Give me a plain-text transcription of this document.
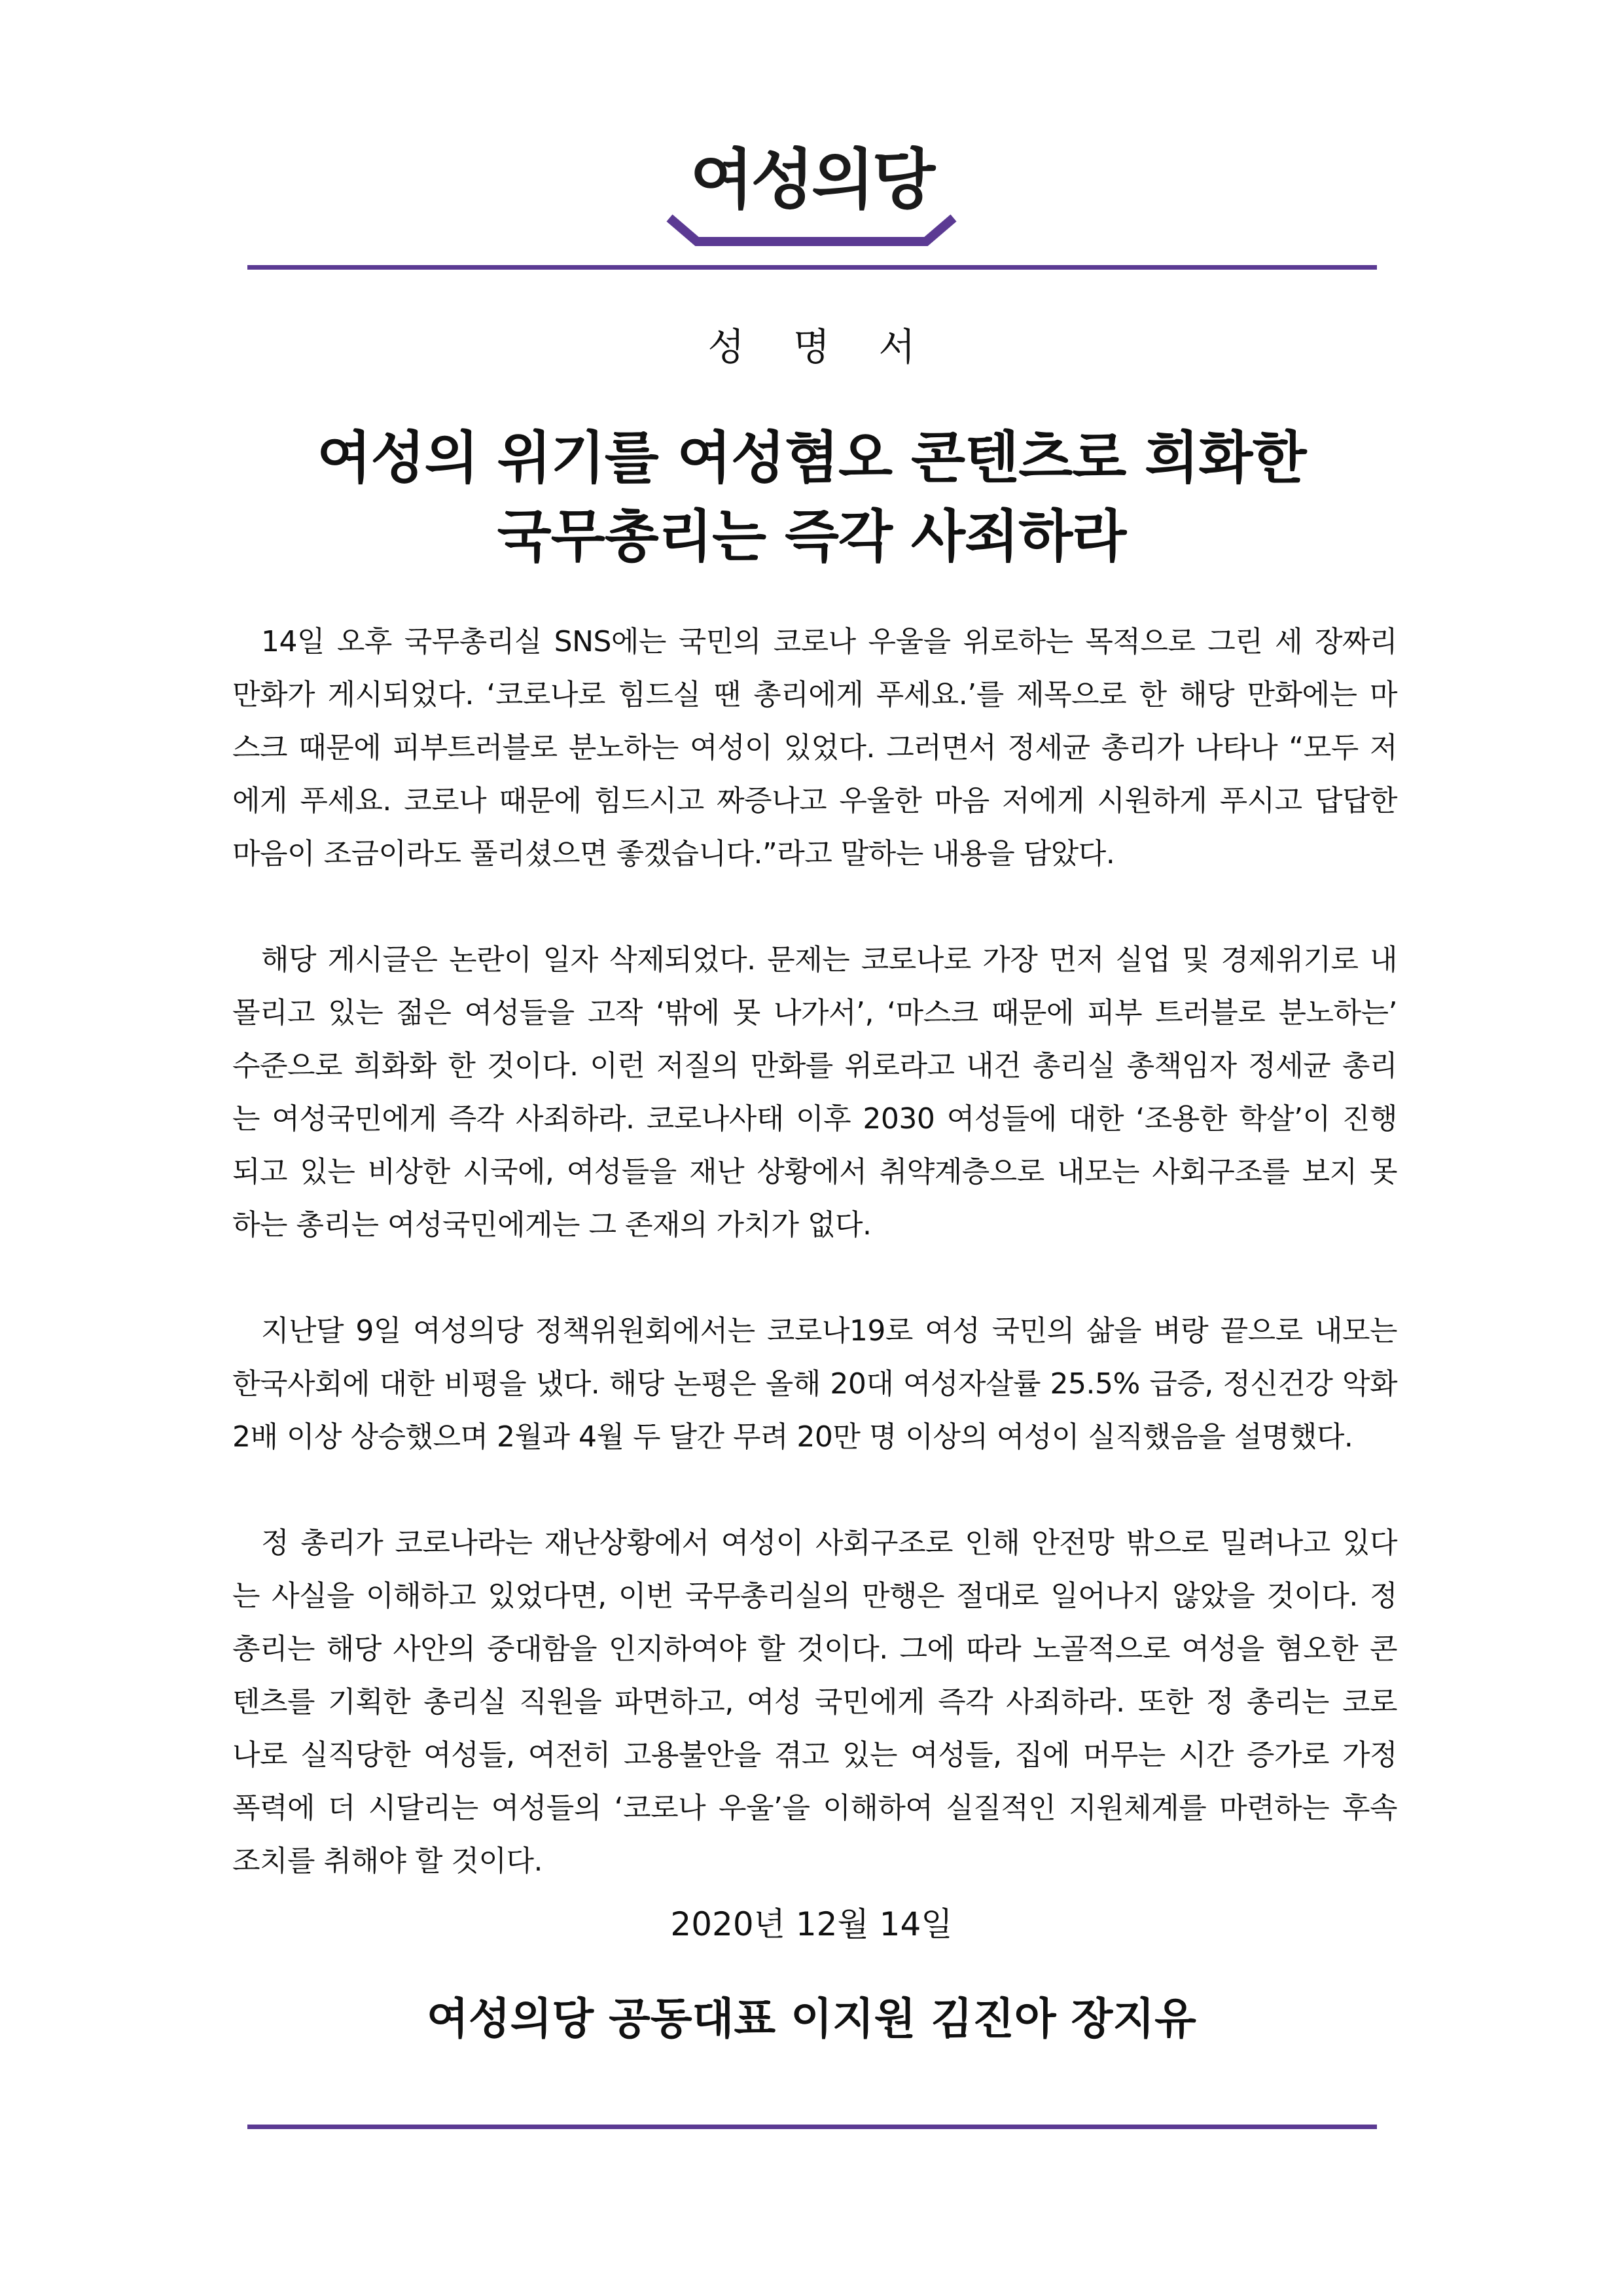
여성의당
성 명 서
여성의 위기를 여성혐오 콘텐츠로 희화한
국무총리는 즉각 사죄하라
14일 오후 국무총리실 SNS에는 국민의 코로나 우울을 위로하는 목적으로 그린 세 장짜리
만화가 게시되었다. ‘코로나로 힘드실 땐 총리에게 푸세요.’를 제목으로 한 해당 만화에는 마
스크 때문에 피부트러블로 분노하는 여성이 있었다. 그러면서 정세균 총리가 나타나 “모두 저
에게 푸세요. 코로나 때문에 힘드시고 짜증나고 우울한 마음 저에게 시원하게 푸시고 답답한
마음이 조금이라도 풀리셨으면 좋겠습니다.”라고 말하는 내용을 담았다.
해당 게시글은 논란이 일자 삭제되었다. 문제는 코로나로 가장 먼저 실업 및 경제위기로 내
몰리고 있는 젊은 여성들을 고작 ‘밖에 못 나가서’, ‘마스크 때문에 피부 트러블로 분노하는’
수준으로 희화화 한 것이다. 이런 저질의 만화를 위로라고 내건 총리실 총책임자 정세균 총리
는 여성국민에게 즉각 사죄하라. 코로나사태 이후 2030 여성들에 대한 ‘조용한 학살’이 진행
되고 있는 비상한 시국에, 여성들을 재난 상황에서 취약계층으로 내모는 사회구조를 보지 못
하는 총리는 여성국민에게는 그 존재의 가치가 없다.
지난달 9일 여성의당 정책위원회에서는 코로나19로 여성 국민의 삶을 벼랑 끝으로 내모는
한국사회에 대한 비평을 냈다. 해당 논평은 올해 20대 여성자살률 25.5% 급증, 정신건강 악화
2배 이상 상승했으며 2월과 4월 두 달간 무려 20만 명 이상의 여성이 실직했음을 설명했다.
정 총리가 코로나라는 재난상황에서 여성이 사회구조로 인해 안전망 밖으로 밀려나고 있다
는 사실을 이해하고 있었다면, 이번 국무총리실의 만행은 절대로 일어나지 않았을 것이다. 정
총리는 해당 사안의 중대함을 인지하여야 할 것이다. 그에 따라 노골적으로 여성을 혐오한 콘
텐츠를 기획한 총리실 직원을 파면하고, 여성 국민에게 즉각 사죄하라. 또한 정 총리는 코로
나로 실직당한 여성들, 여전히 고용불안을 겪고 있는 여성들, 집에 머무는 시간 증가로 가정
폭력에 더 시달리는 여성들의 ‘코로나 우울’을 이해하여 실질적인 지원체계를 마련하는 후속
조치를 취해야 할 것이다.
2020년 12월 14일
여성의당 공동대표 이지원 김진아 장지유
